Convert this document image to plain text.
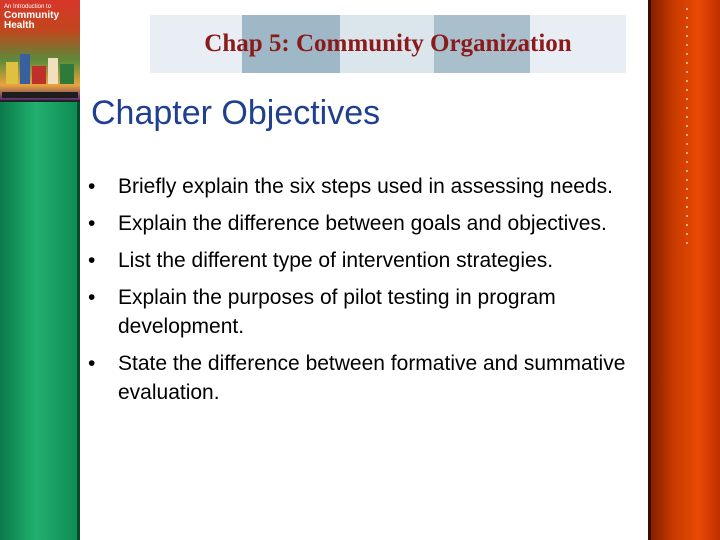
An Introduction to
Community
Health
Chap 5: Community Organization
Chapter Objectives
• Briefly explain the six steps used in assessing needs.
• Explain the difference between goals and objectives.
• List the different type of intervention strategies.
• Explain the purposes of pilot testing in program development.
• State the difference between formative and summative evaluation.
